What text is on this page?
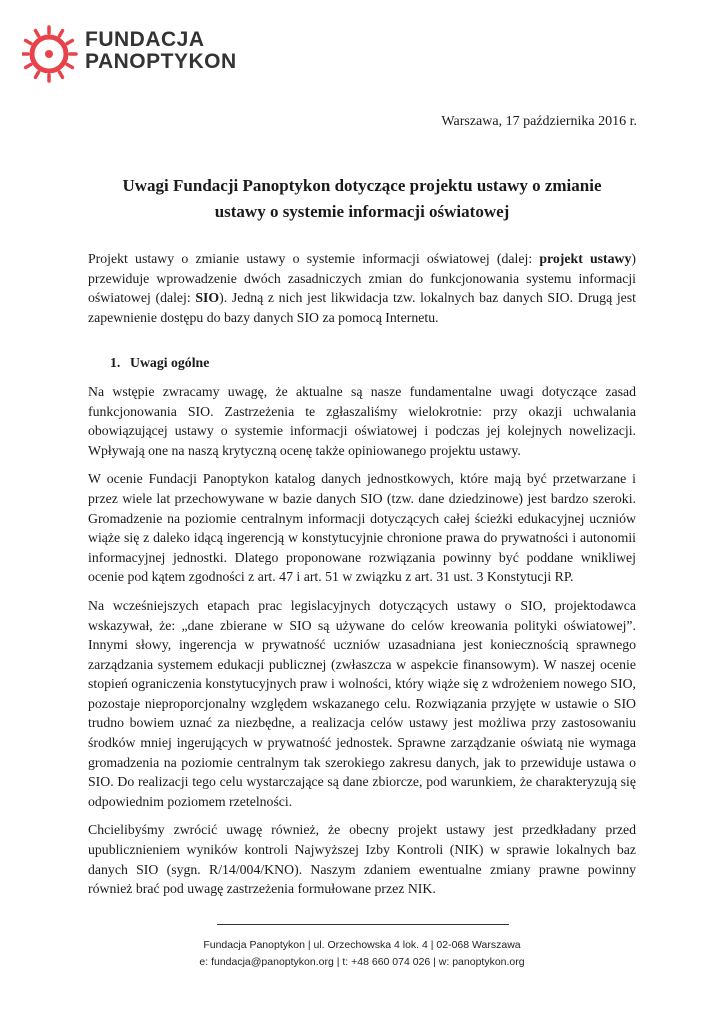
FUNDACJA
PANOPTYKON
Warszawa, 17 października 2016 r.
Uwagi Fundacji Panoptykon dotyczące projektu ustawy o zmianie
ustawy o systemie informacji oświatowej

Projekt ustawy o zmianie ustawy o systemie informacji oświatowej (dalej: projekt ustawy) przewiduje wprowadzenie dwóch zasadniczych zmian do funkcjonowania systemu informacji oświatowej (dalej: SIO). Jedną z nich jest likwidacja tzw. lokalnych baz danych SIO. Drugą jest zapewnienie dostępu do bazy danych SIO za pomocą Internetu.

1. Uwagi ogólne

Na wstępie zwracamy uwagę, że aktualne są nasze fundamentalne uwagi dotyczące zasad funkcjonowania SIO. Zastrzeżenia te zgłaszaliśmy wielokrotnie: przy okazji uchwalania obowiązującej ustawy o systemie informacji oświatowej i podczas jej kolejnych nowelizacji. Wpływają one na naszą krytyczną ocenę także opiniowanego projektu ustawy.

W ocenie Fundacji Panoptykon katalog danych jednostkowych, które mają być przetwarzane i przez wiele lat przechowywane w bazie danych SIO (tzw. dane dziedzinowe) jest bardzo szeroki. Gromadzenie na poziomie centralnym informacji dotyczących całej ścieżki edukacyjnej uczniów wiąże się z daleko idącą ingerencją w konstytucyjnie chronione prawa do prywatności i autonomii informacyjnej jednostki. Dlatego proponowane rozwiązania powinny być poddane wnikliwej ocenie pod kątem zgodności z art. 47 i art. 51 w związku z art. 31 ust. 3 Konstytucji RP.

Na wcześniejszych etapach prac legislacyjnych dotyczących ustawy o SIO, projektodawca wskazywał, że: „dane zbierane w SIO są używane do celów kreowania polityki oświatowej”. Innymi słowy, ingerencja w prywatność uczniów uzasadniana jest koniecznością sprawnego zarządzania systemem edukacji publicznej (zwłaszcza w aspekcie finansowym). W naszej ocenie stopień ograniczenia konstytucyjnych praw i wolności, który wiąże się z wdrożeniem nowego SIO, pozostaje nieproporcjonalny względem wskazanego celu. Rozwiązania przyjęte w ustawie o SIO trudno bowiem uznać za niezbędne, a realizacja celów ustawy jest możliwa przy zastosowaniu środków mniej ingerujących w prywatność jednostek. Sprawne zarządzanie oświatą nie wymaga gromadzenia na poziomie centralnym tak szerokiego zakresu danych, jak to przewiduje ustawa o SIO. Do realizacji tego celu wystarczające są dane zbiorcze, pod warunkiem, że charakteryzują się odpowiednim poziomem rzetelności.

Chcielibyśmy zwrócić uwagę również, że obecny projekt ustawy jest przedkładany przed upublicznieniem wyników kontroli Najwyższej Izby Kontroli (NIK) w sprawie lokalnych baz danych SIO (sygn. R/14/004/KNO). Naszym zdaniem ewentualne zmiany prawne powinny również brać pod uwagę zastrzeżenia formułowane przez NIK.

Fundacja Panoptykon | ul. Orzechowska 4 lok. 4 | 02-068 Warszawa
e: fundacja@panoptykon.org | t: +48 660 074 026 | w: panoptykon.org
